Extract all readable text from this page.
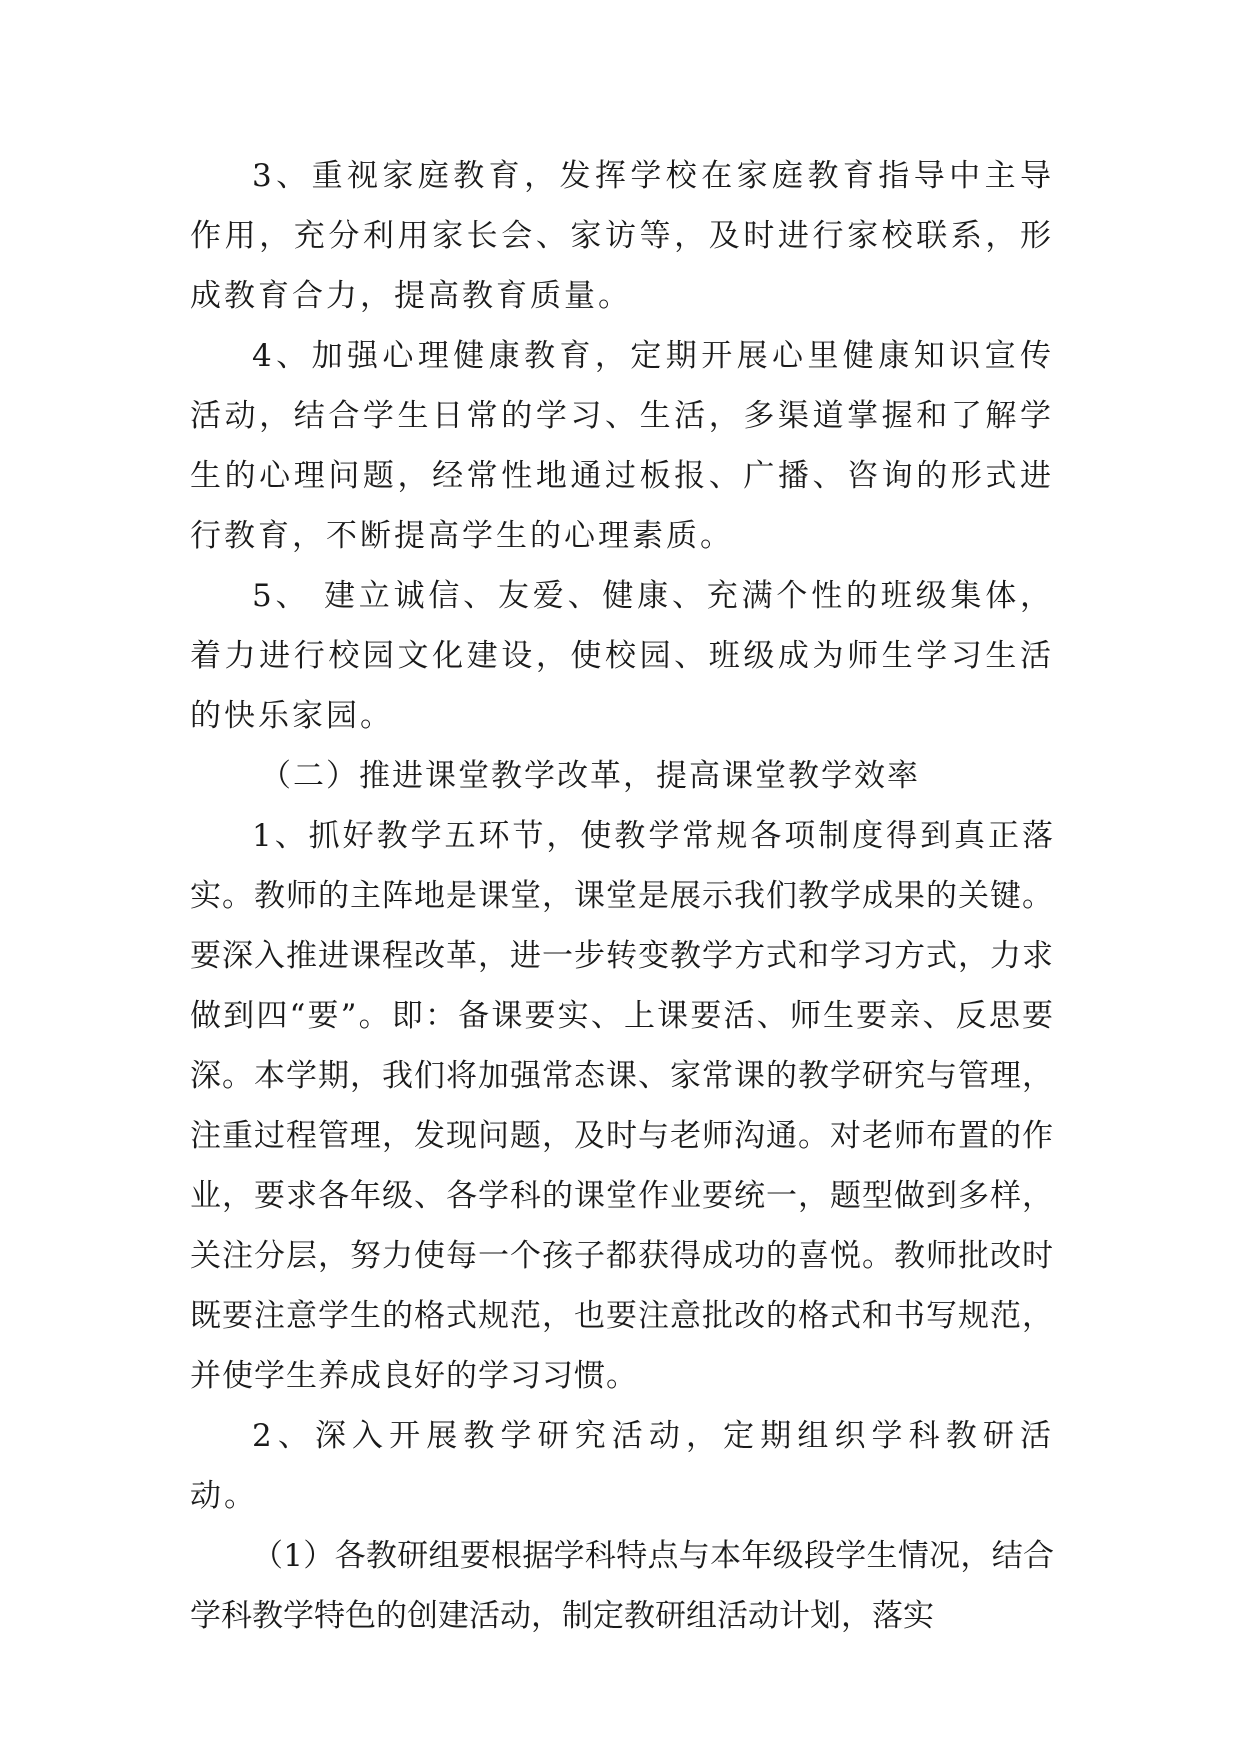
3、重视家庭教育，发挥学校在家庭教育指导中主导作用，充分利用家长会、家访等，及时进行家校联系，形成教育合力，提高教育质量。

4、加强心理健康教育，定期开展心里健康知识宣传活动，结合学生日常的学习、生活，多渠道掌握和了解学生的心理问题，经常性地通过板报、广播、咨询的形式进行教育，不断提高学生的心理素质。

5、 建立诚信、友爱、健康、充满个性的班级集体，着力进行校园文化建设，使校园、班级成为师生学习生活的快乐家园。

（二）推进课堂教学改革，提高课堂教学效率

1、抓好教学五环节，使教学常规各项制度得到真正落实。教师的主阵地是课堂，课堂是展示我们教学成果的关键。要深入推进课程改革，进一步转变教学方式和学习方式，力求做到四“要”。即：备课要实、上课要活、师生要亲、反思要深。本学期，我们将加强常态课、家常课的教学研究与管理，注重过程管理，发现问题，及时与老师沟通。对老师布置的作业，要求各年级、各学科的课堂作业要统一，题型做到多样，关注分层，努力使每一个孩子都获得成功的喜悦。教师批改时既要注意学生的格式规范，也要注意批改的格式和书写规范，并使学生养成良好的学习习惯。

2、深入开展教学研究活动，定期组织学科教研活动。

（1）各教研组要根据学科特点与本年级段学生情况，结合学科教学特色的创建活动，制定教研组活动计划，落实
